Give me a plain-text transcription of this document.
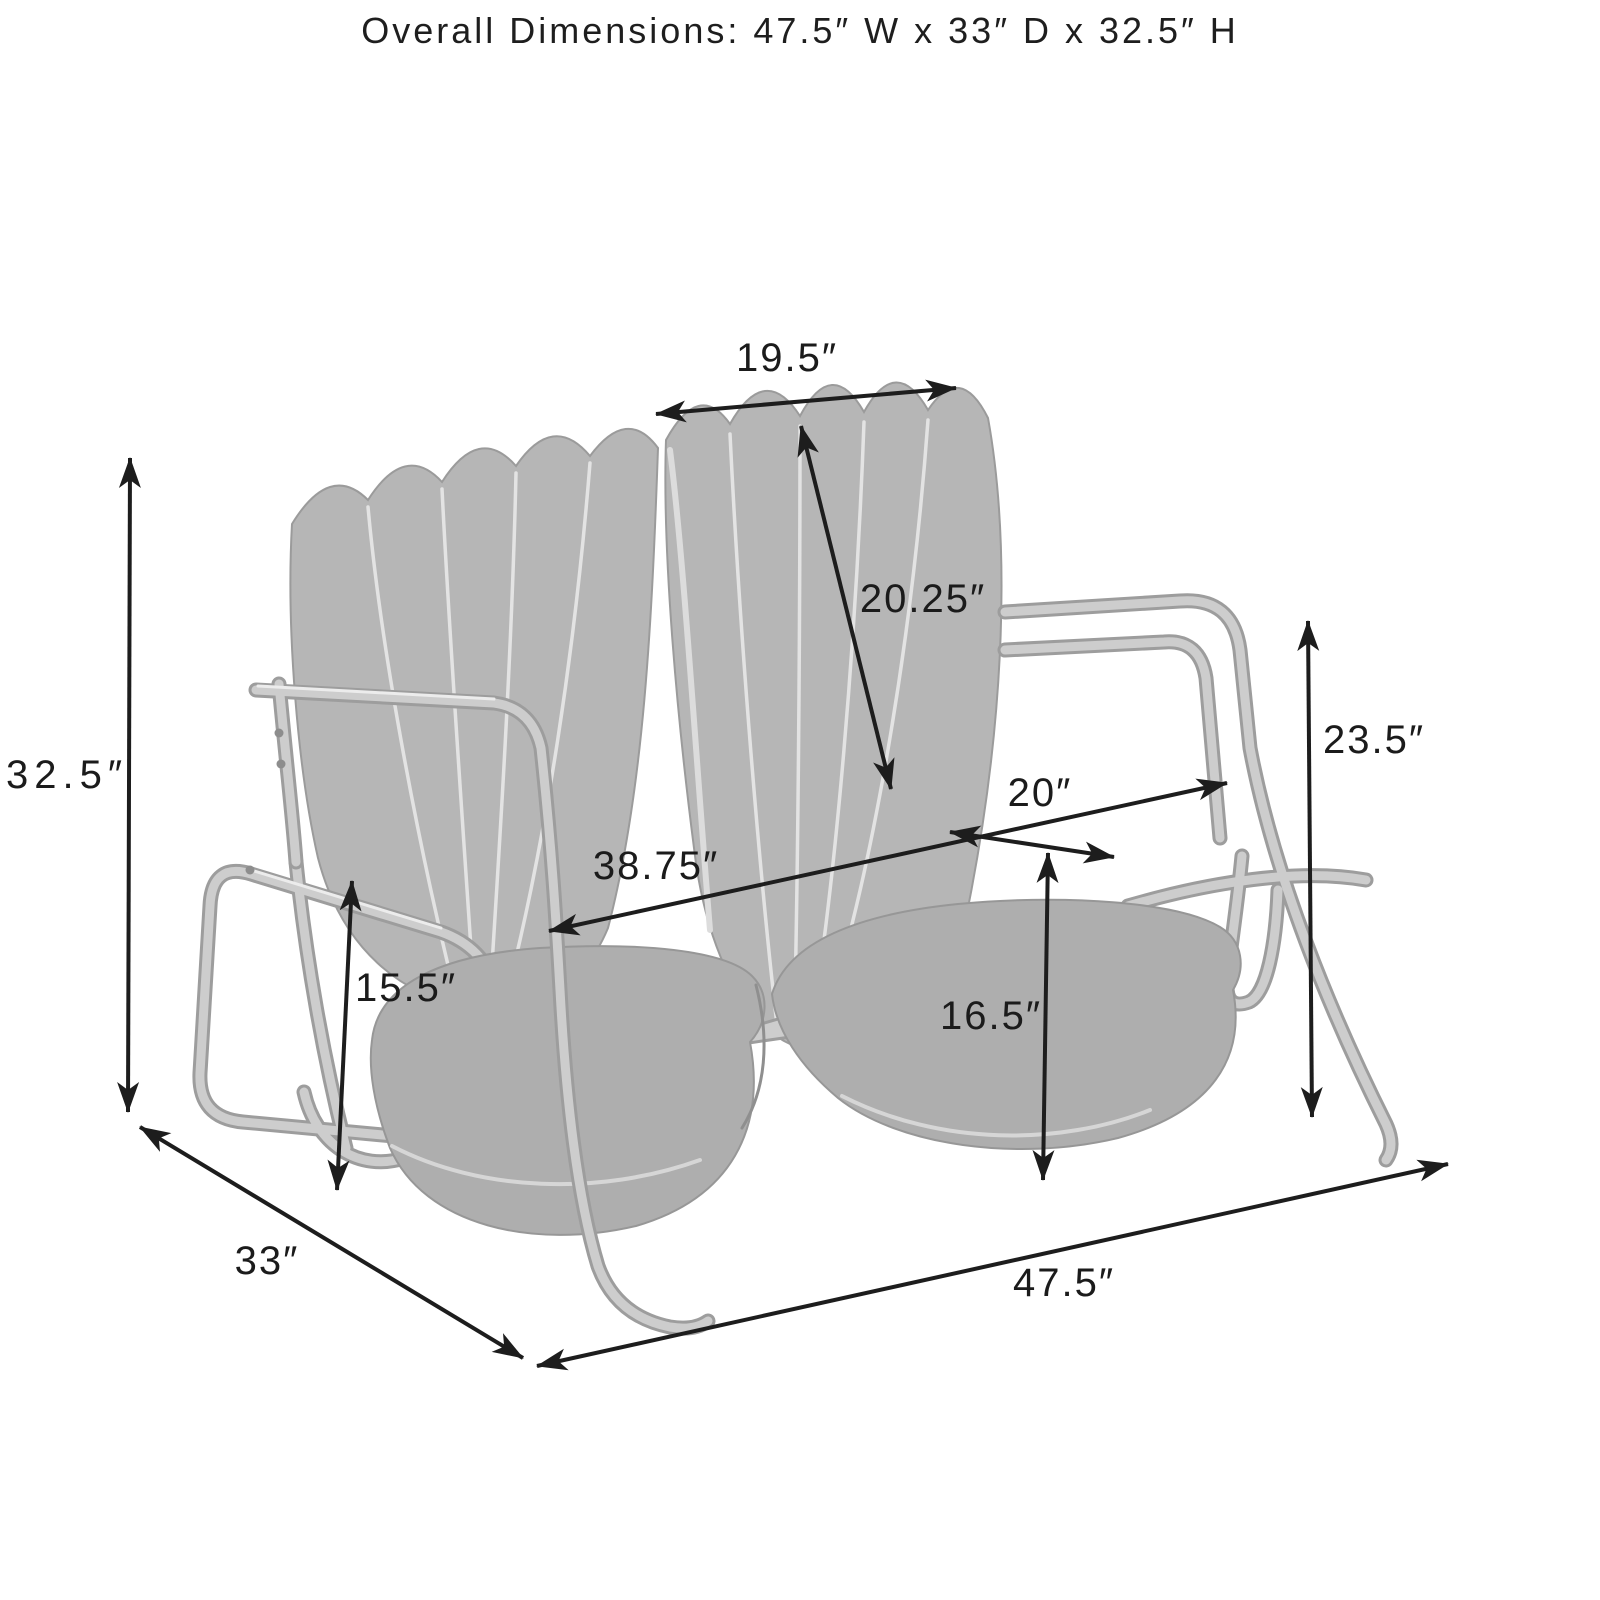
Overall Dimensions: 47.5″ W x 33″ D x 32.5″ H
19.5″
20.25″
32.5″
38.75″
20″
23.5″
15.5″
16.5″
33″	47.5″
